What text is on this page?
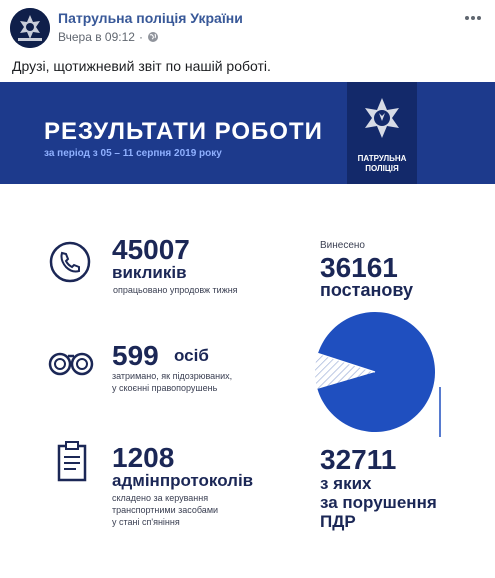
Патрульна поліція України
Вчера в 09:12 ·
Друзі, щотижневий звіт по нашій роботі.
РЕЗУЛЬТАТИ РОБОТИ
за період з 05 – 11 серпня 2019 року	ПАТРУЛЬНА
ПОЛІЦІЯ
45007
викликів
опрацьовано упродовж тижня
599 осіб
затримано, як підозрюваних,
у скоєнні правопорушень
1208
адмінпротоколів
складено за керування
транспортними засобами
у стані сп'яніння
Винесено
36161
постанову
32711
з яких
за порушення
ПДР
